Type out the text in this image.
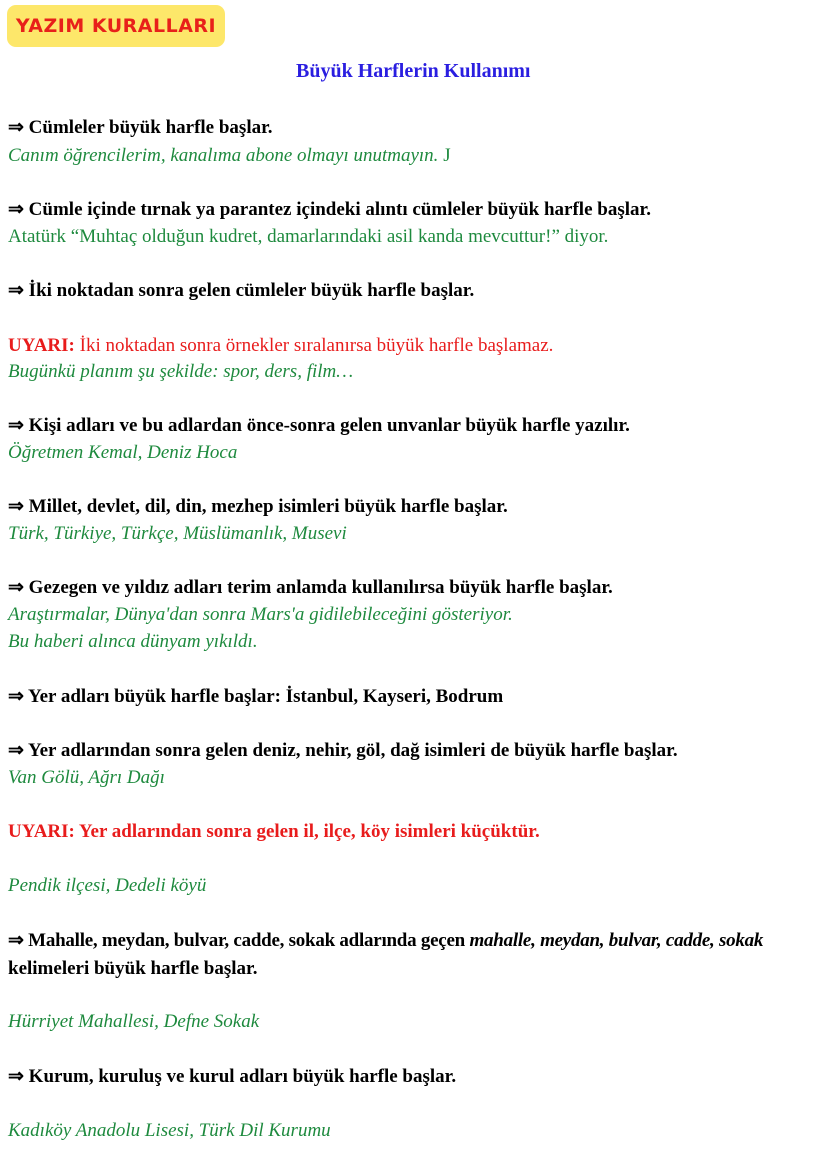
YAZIM KURALLARI
Büyük Harflerin Kullanımı
⇒ Cümleler büyük harfle başlar.
Canım öğrencilerim, kanalıma abone olmayı unutmayın. J
⇒ Cümle içinde tırnak ya parantez içindeki alıntı cümleler büyük harfle başlar.
Atatürk “Muhtaç olduğun kudret, damarlarındaki asil kanda mevcuttur!” diyor.
⇒ İki noktadan sonra gelen cümleler büyük harfle başlar.
UYARI: İki noktadan sonra örnekler sıralanırsa büyük harfle başlamaz.
Bugünkü planım şu şekilde: spor, ders, film…
⇒ Kişi adları ve bu adlardan önce-sonra gelen unvanlar büyük harfle yazılır.
Öğretmen Kemal, Deniz Hoca
⇒ Millet, devlet, dil, din, mezhep isimleri büyük harfle başlar.
Türk, Türkiye, Türkçe, Müslümanlık, Musevi
⇒ Gezegen ve yıldız adları terim anlamda kullanılırsa büyük harfle başlar.
Araştırmalar, Dünya'dan sonra Mars'a gidilebileceğini gösteriyor.
Bu haberi alınca dünyam yıkıldı.
⇒ Yer adları büyük harfle başlar: İstanbul, Kayseri, Bodrum
⇒ Yer adlarından sonra gelen deniz, nehir, göl, dağ isimleri de büyük harfle başlar.
Van Gölü, Ağrı Dağı
UYARI: Yer adlarından sonra gelen il, ilçe, köy isimleri küçüktür.
Pendik ilçesi, Dedeli köyü
⇒ Mahalle, meydan, bulvar, cadde, sokak adlarında geçen mahalle, meydan, bulvar, cadde, sokak
kelimeleri büyük harfle başlar.
Hürriyet Mahallesi, Defne Sokak
⇒ Kurum, kuruluş ve kurul adları büyük harfle başlar.
Kadıköy Anadolu Lisesi, Türk Dil Kurumu
